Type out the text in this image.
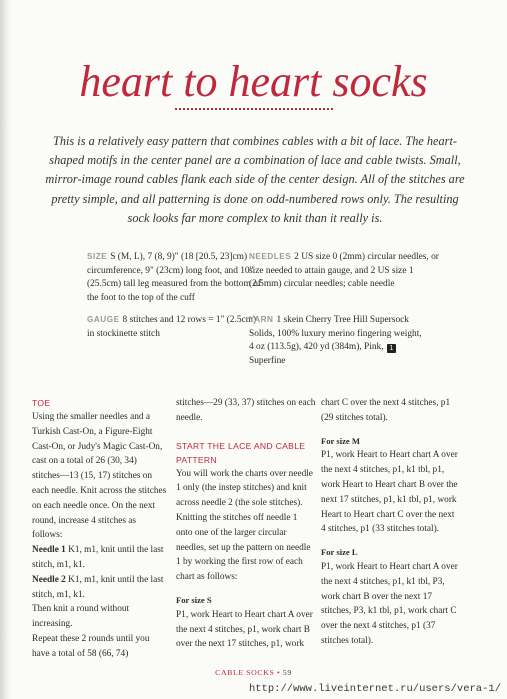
heart to heart socks

This is a relatively easy pattern that combines cables with a bit of lace. The heart-shaped motifs in the center panel are a combination of lace and cable twists. Small, mirror-image round cables flank each side of the center design. All of the stitches are pretty simple, and all patterning is done on odd-numbered rows only. The resulting sock looks far more complex to knit than it really is.

SIZE S (M, L), 7 (8, 9)" (18 [20.5, 23]cm) circumference, 9" (23cm) long foot, and 10" (25.5cm) tall leg measured from the bottom of the foot to the top of the cuff
NEEDLES 2 US size 0 (2mm) circular needles, or size needed to attain gauge, and 2 US size 1 (2.5mm) circular needles; cable needle
GAUGE 8 stitches and 12 rows = 1" (2.5cm) in stockinette stitch
YARN 1 skein Cherry Tree Hill Supersock Solids, 100% luxury merino fingering weight, 4 oz (113.5g), 420 yd (384m), Pink, 1 Superfine
TOE
Using the smaller needles and a Turkish Cast-On, a Figure-Eight Cast-On, or Judy's Magic Cast-On, cast on a total of 26 (30, 34) stitches—13 (15, 17) stitches on each needle. Knit across the stitches on each needle once. On the next round, increase 4 stitches as follows:
Needle 1 K1, m1, knit until the last stitch, m1, k1.
Needle 2 K1, m1, knit until the last stitch, m1, k1.
Then knit a round without increasing.
Repeat these 2 rounds until you have a total of 58 (66, 74)
stitches—29 (33, 37) stitches on each needle.
START THE LACE AND CABLE PATTERN
You will work the charts over needle 1 only (the instep stitches) and knit across needle 2 (the sole stitches). Knitting the stitches off needle 1 onto one of the larger circular needles, set up the pattern on needle 1 by working the first row of each chart as follows:
For size S
P1, work Heart to Heart chart A over the next 4 stitches, p1, work chart B over the next 17 stitches, p1, work
chart C over the next 4 stitches, p1 (29 stitches total).
For size M
P1, work Heart to Heart chart A over the next 4 stitches, p1, k1 tbl, p1, work Heart to Heart chart B over the next 17 stitches, p1, k1 tbl, p1, work Heart to Heart chart C over the next 4 stitches, p1 (33 stitches total).
For size L
P1, work Heart to Heart chart A over the next 4 stitches, p1, k1 tbl, P3, work chart B over the next 17 stitches, P3, k1 tbl, p1, work chart C over the next 4 stitches, p1 (37 stitches total).
CABLE SOCKS • 59
http://www.liveinternet.ru/users/vera-1/
